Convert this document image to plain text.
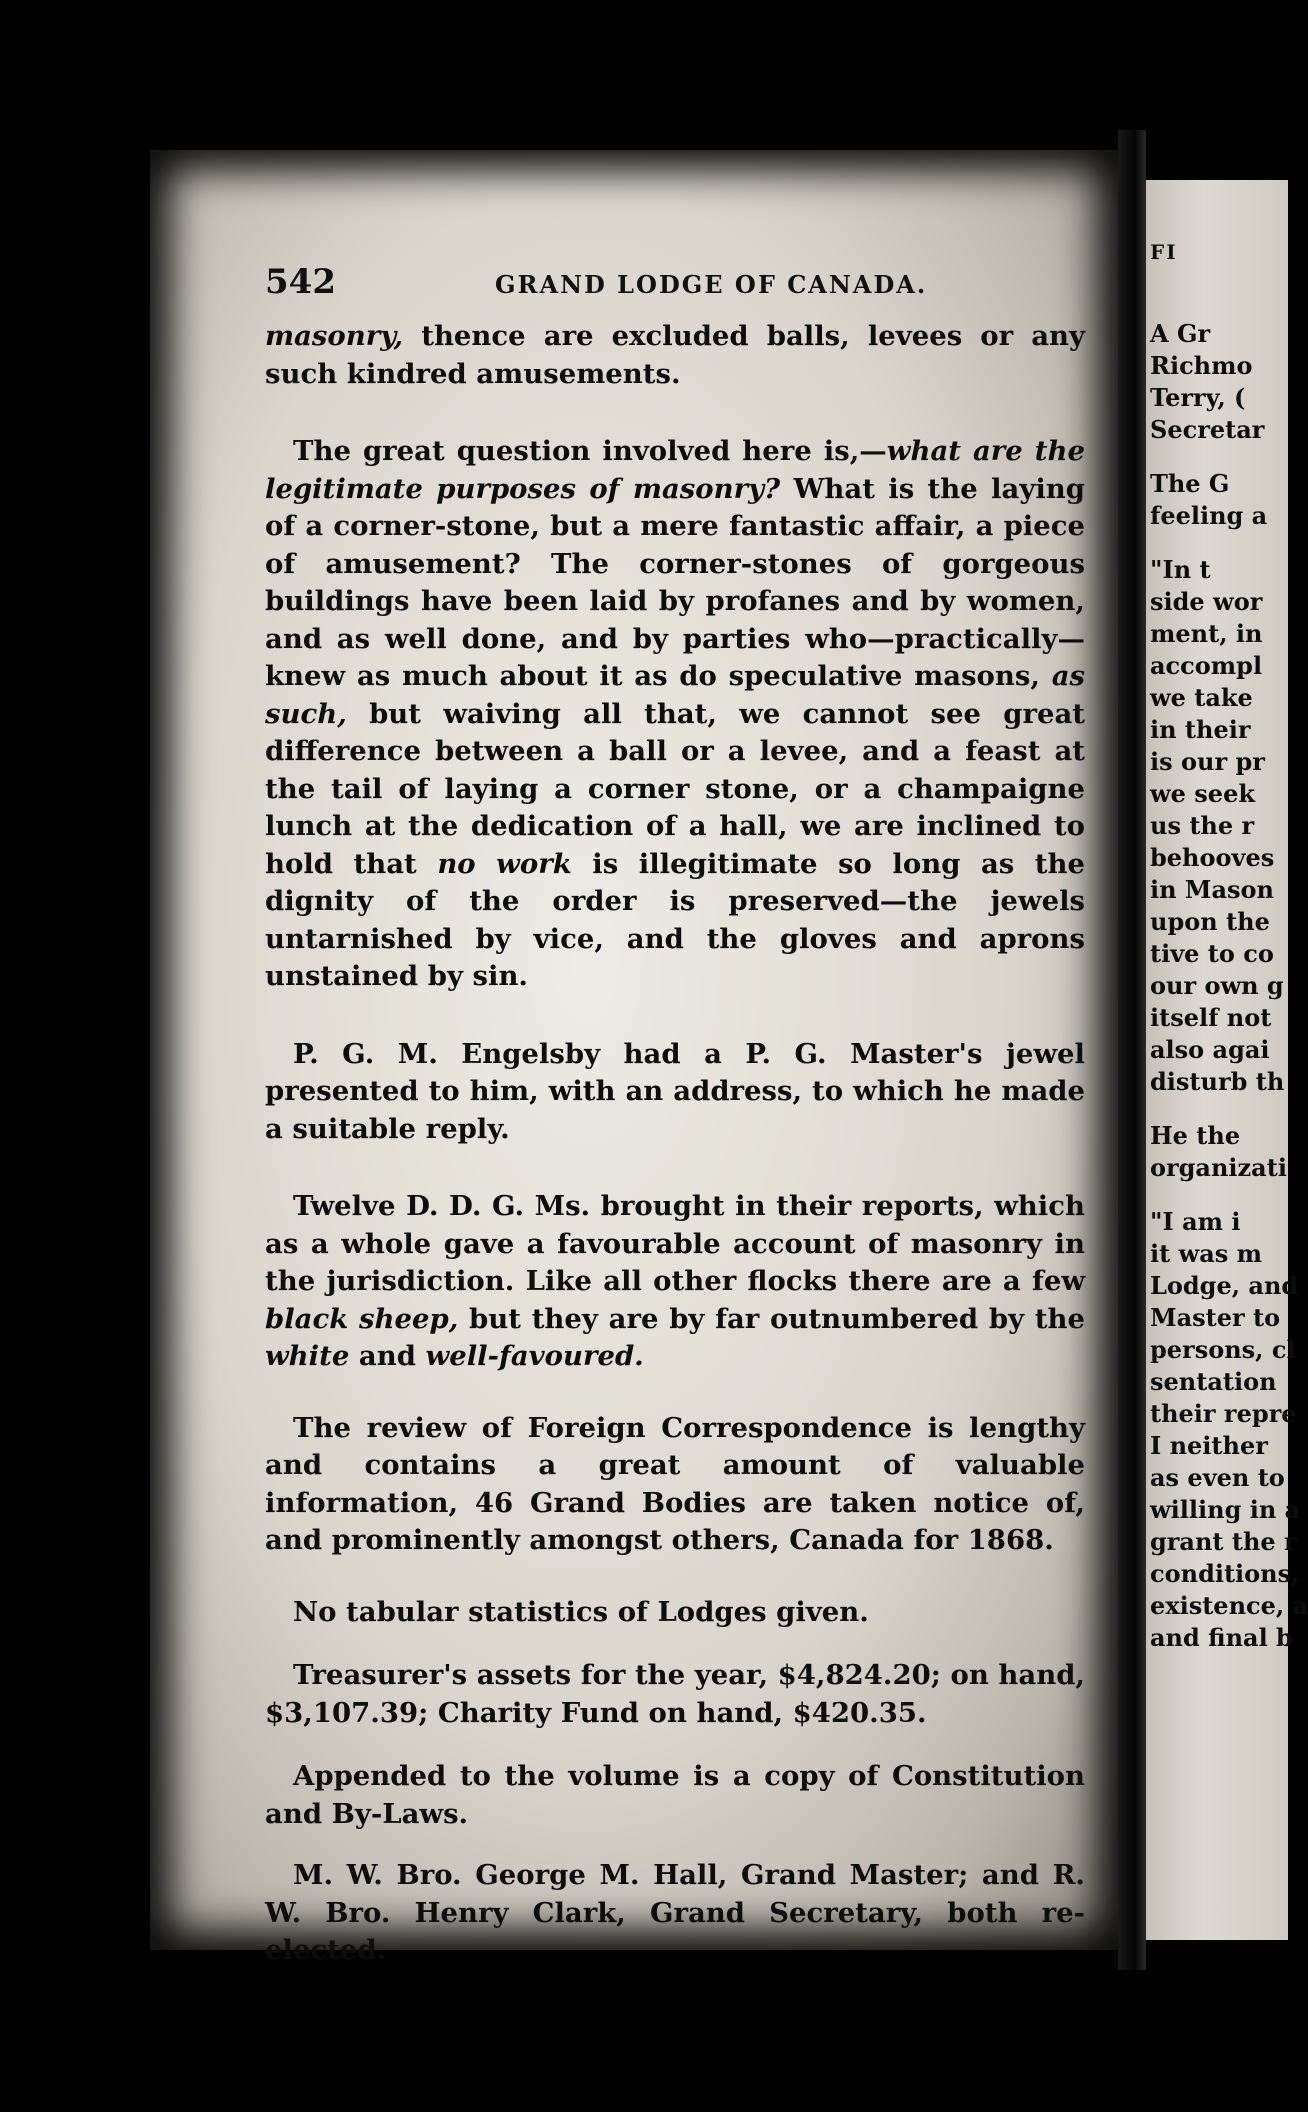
542	GRAND LODGE OF CANADA.

masonry, thence are excluded balls, levees or any such kindred amusements.

The great question involved here is,—what are the legitimate purposes of masonry? What is the laying of a corner-stone, but a mere fantastic affair, a piece of amusement? The corner-stones of gorgeous buildings have been laid by profanes and by women, and as well done, and by parties who—practically—knew as much about it as do speculative masons, as such, but waiving all that, we cannot see great difference between a ball or a levee, and a feast at the tail of laying a corner stone, or a champaigne lunch at the dedication of a hall, we are inclined to hold that no work is illegitimate so long as the dignity of the order is preserved—the jewels untarnished by vice, and the gloves and aprons unstained by sin.

P. G. M. Engelsby had a P. G. Master's jewel presented to him, with an address, to which he made a suitable reply.

Twelve D. D. G. Ms. brought in their reports, which as a whole gave a favourable account of masonry in the jurisdiction. Like all other flocks there are a few black sheep, but they are by far outnumbered by the white and well-favoured.

The review of Foreign Correspondence is lengthy and contains a great amount of valuable information, 46 Grand Bodies are taken notice of, and prominently amongst others, Canada for 1868.

No tabular statistics of Lodges given.

Treasurer's assets for the year, $4,824.20; on hand, $3,107.39; Charity Fund on hand, $420.35.

Appended to the volume is a copy of Constitution and By-Laws.

M. W. Bro. George M. Hall, Grand Master; and R. W. Bro. Henry Clark, Grand Secretary, both re-elected.

FI
A Gr
Richmo
Terry, (
Secretar
The G
feeling a
"In t
side wor
ment, in
accompl
we take
in their
is our pr
we seek
us the r
behooves
in Mason
upon the
tive to co
our own g
itself not
also agai
disturb th
He the
organizati
"I am i
it was m
Lodge, and
Master to
persons, cl
sentation
their repre
I neither
as even to
willing in a
grant the r
conditions,
existence, a
and final b
